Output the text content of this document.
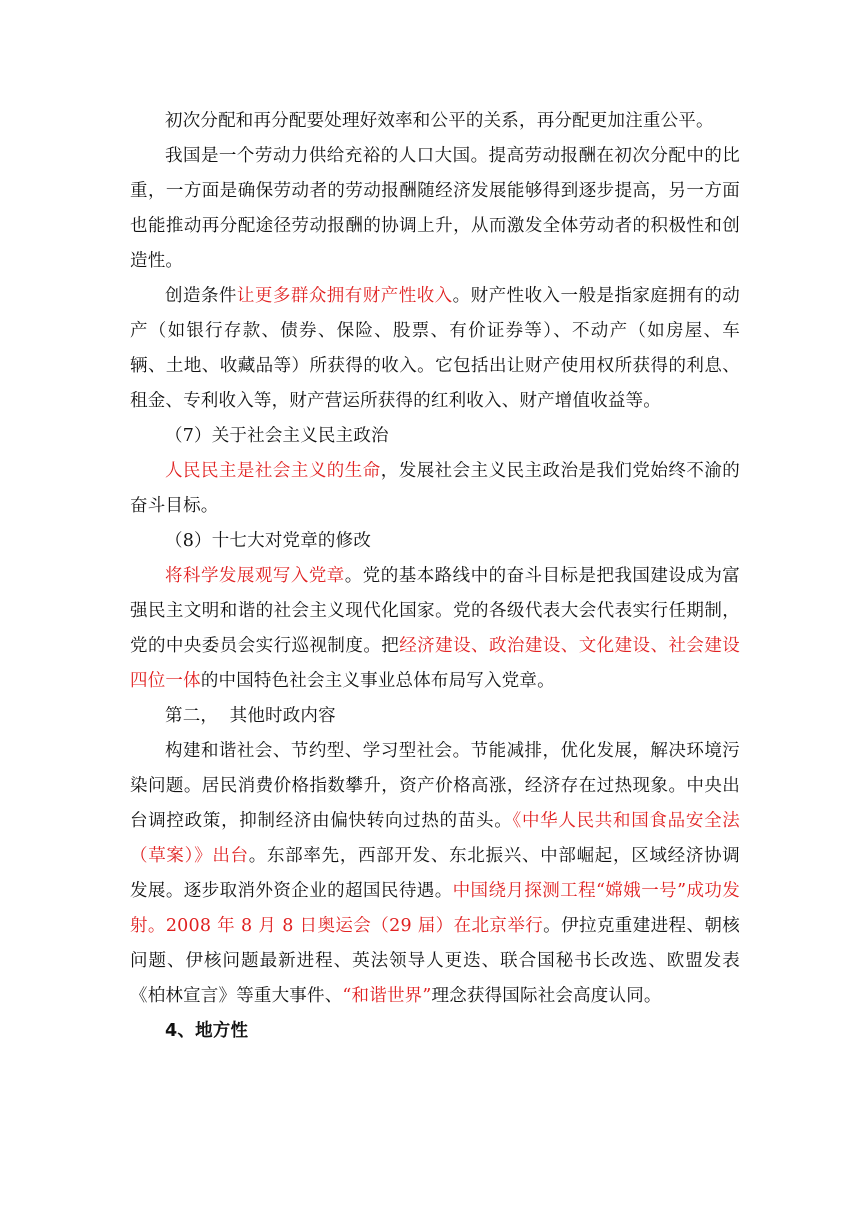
初次分配和再分配要处理好效率和公平的关系，再分配更加注重公平。

我国是一个劳动力供给充裕的人口大国。提高劳动报酬在初次分配中的比重，一方面是确保劳动者的劳动报酬随经济发展能够得到逐步提高，另一方面也能推动再分配途径劳动报酬的协调上升，从而激发全体劳动者的积极性和创造性。

创造条件让更多群众拥有财产性收入。财产性收入一般是指家庭拥有的动产（如银行存款、债券、保险、股票、有价证券等）、不动产（如房屋、车辆、土地、收藏品等）所获得的收入。它包括出让财产使用权所获得的利息、租金、专利收入等，财产营运所获得的红利收入、财产增值收益等。

（7）关于社会主义民主政治

人民民主是社会主义的生命，发展社会主义民主政治是我们党始终不渝的奋斗目标。

（8）十七大对党章的修改

将科学发展观写入党章。党的基本路线中的奋斗目标是把我国建设成为富强民主文明和谐的社会主义现代化国家。党的各级代表大会代表实行任期制，党的中央委员会实行巡视制度。把经济建设、政治建设、文化建设、社会建设四位一体的中国特色社会主义事业总体布局写入党章。

第二，  其他时政内容

构建和谐社会、节约型、学习型社会。节能减排，优化发展，解决环境污染问题。居民消费价格指数攀升，资产价格高涨，经济存在过热现象。中央出台调控政策，抑制经济由偏快转向过热的苗头。《中华人民共和国食品安全法（草案）》出台。东部率先，西部开发、东北振兴、中部崛起，区域经济协调发展。逐步取消外资企业的超国民待遇。中国绕月探测工程“嫦娥一号”成功发射。2008 年 8 月 8 日奥运会（29 届）在北京举行。伊拉克重建进程、朝核问题、伊核问题最新进程、英法领导人更迭、联合国秘书长改选、欧盟发表《柏林宣言》等重大事件、“和谐世界”理念获得国际社会高度认同。

4、地方性
